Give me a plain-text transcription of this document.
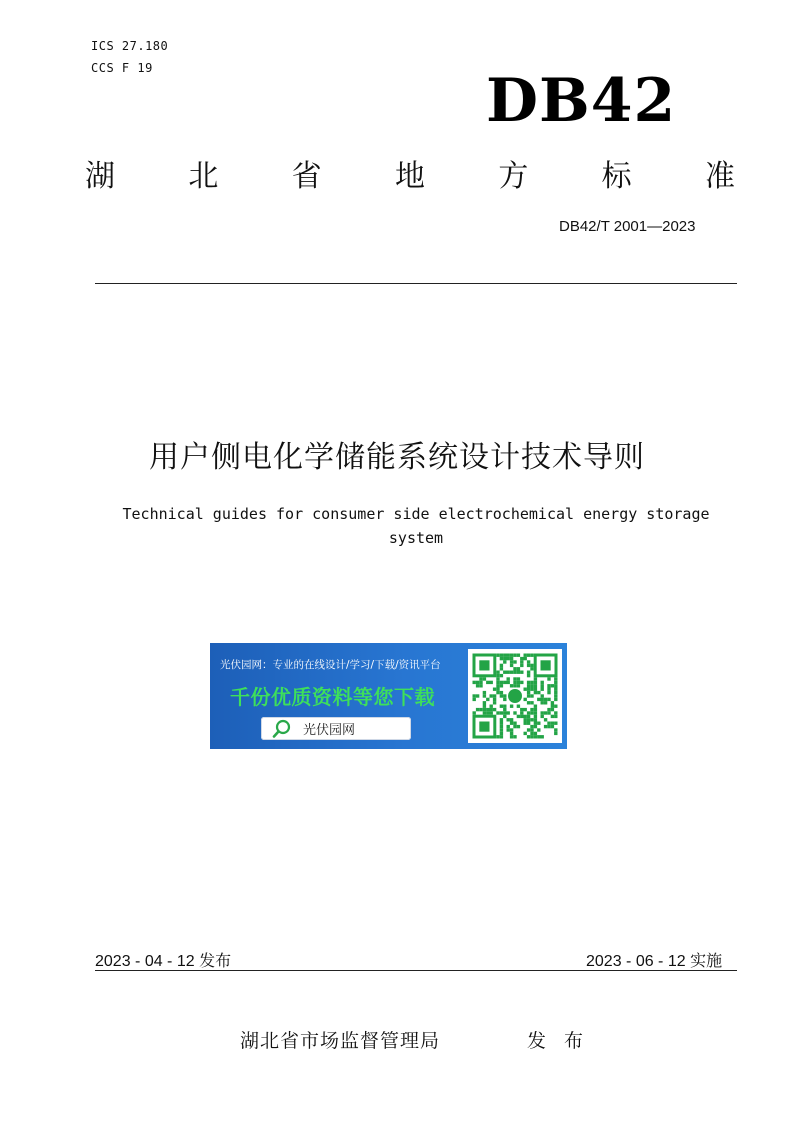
ICS 27.180
CCS F 19	DB42
湖 北 省 地 方 标 准
DB42/T 2001—2023
用户侧电化学储能系统设计技术导则
Technical guides for consumer side electrochemical energy storage system
光伏园网：专业的在线设计/学习/下载/资讯平台
千份优质资料等您下载
光伏园网
2023 - 04 - 12 发布	2023 - 06 - 12 实施
湖北省市场监督管理局	发 布
